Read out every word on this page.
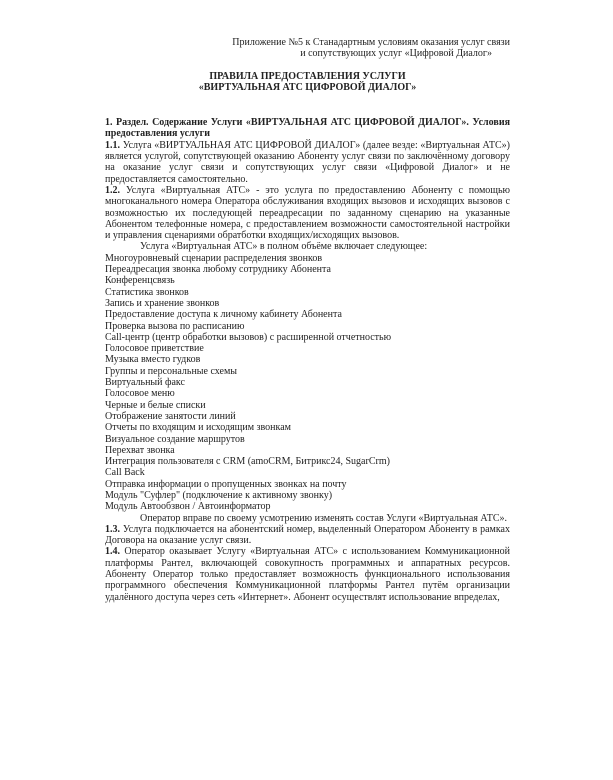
Приложение №5 к Станадартным условиям оказания услуг связи
и сопутствующих услуг «Цифровой Диалог»
ПРАВИЛА ПРЕДОСТАВЛЕНИЯ УСЛУГИ
«ВИРТУАЛЬНАЯ АТС ЦИФРОВОЙ ДИАЛОГ»

1. Раздел. Содержание Услуги «ВИРТУАЛЬНАЯ АТС ЦИФРОВОЙ ДИАЛОГ». Условия предоставления услуги

1.1. Услуга «ВИРТУАЛЬНАЯ АТС ЦИФРОВОЙ ДИАЛОГ» (далее везде: «Виртуальная АТС») является услугой, сопутствующей оказанию Абоненту услуг связи по заключённому договору на оказание услуг связи и сопутствующих услуг связи «Цифровой Диалог» и не предоставляется самостоятельно.

1.2. Услуга «Виртуальная АТС» - это услуга по предоставлению Абоненту с помощью многоканального номера Оператора обслуживания входящих вызовов и исходящих вызовов с возможностью их последующей переадресации по заданному сценарию на указанные Абонентом телефонные номера, с предоставлением возможности самостоятельной настройки и управления сценариями обратботки входящих/исходящих вызовов.

Услуга «Виртуальная АТС» в полном объёме включает следующее:

Многоуровневый сценарии распределения звонков
Переадресация звонка любому сотруднику Абонента
Конференцсвязь
Статистика звонков
Запись и хранение звонков
Предоставление доступа к личному кабинету Абонента
Проверка вызова по расписанию
Call-центр (центр обработки вызовов) с расширенной отчетностью
Голосовое приветствие
Музыка вместо гудков
Группы и персональные схемы
Виртуальный факс
Голосовое меню
Черные и белые списки
Отображение занятости линий
Отчеты по входящим и исходящим звонкам
Визуальное создание маршрутов
Перехват звонка
Интеграция пользователя с CRM (amoCRM, Битрикс24, SugarCrm)
Call Back
Отправка информации о пропущенных звонках на почту
Модуль "Суфлер" (подключение к активному звонку)
Модуль Автообзвон / Автоинформатор

Оператор вправе по своему усмотрению изменять состав Услуги «Виртуальная АТС».

1.3. Услуга подключается на абонентский номер, выделенный Оператором Абоненту в рамках Договора на оказание услуг связи.

1.4. Оператор оказывает Услугу «Виртуальная АТС» с использованием Коммуникационной платформы Рантел, включающей совокупность программных и аппаратных ресурсов. Абоненту Оператор только предоставляет возможность функционального использования программного обеспечения Коммуникационной платформы Рантел путём организации удалённого доступа через сеть «Интернет». Абонент осуществлят использование впределах,
